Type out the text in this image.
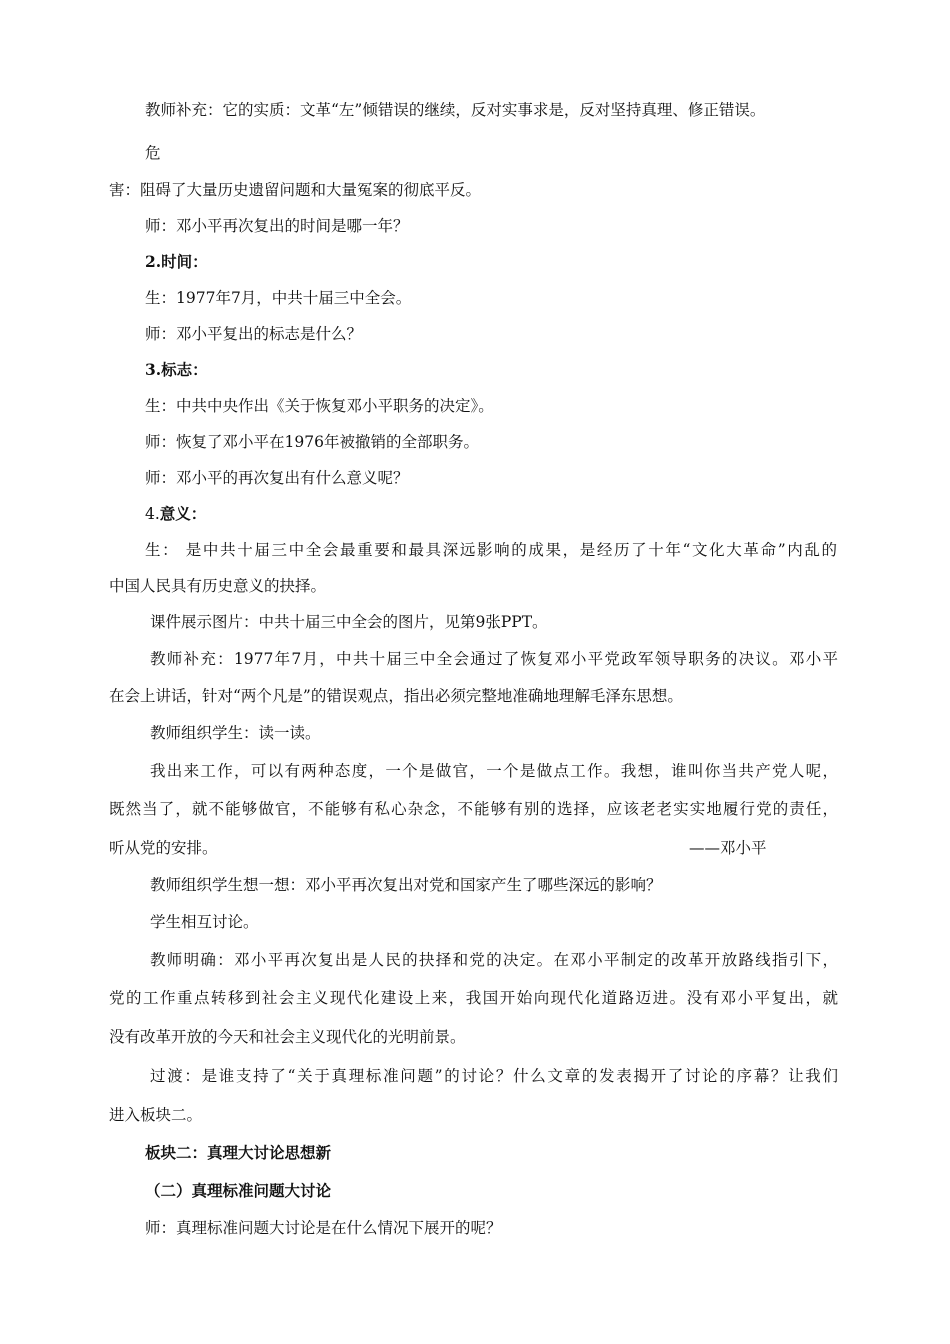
教师补充：它的实质：文革“左”倾错误的继续，反对实事求是，反对坚持真理、修正错误。
危
害：阻碍了大量历史遗留问题和大量冤案的彻底平反。
师：邓小平再次复出的时间是哪一年？
2.时间：
生：1977年7月，中共十届三中全会。
师：邓小平复出的标志是什么？
3.标志：
生：中共中央作出《关于恢复邓小平职务的决定》。
师：恢复了邓小平在1976年被撤销的全部职务。
师：邓小平的再次复出有什么意义呢？
4.意义：
生： 是中共十届三中全会最重要和最具深远影响的成果，是经历了十年“文化大革命”内乱的
中国人民具有历史意义的抉择。
课件展示图片：中共十届三中全会的图片，见第9张PPT。
教师补充：1977年7月，中共十届三中全会通过了恢复邓小平党政军领导职务的决议。邓小平
在会上讲话，针对“两个凡是”的错误观点，指出必须完整地准确地理解毛泽东思想。
教师组织学生：读一读。
我出来工作，可以有两种态度，一个是做官，一个是做点工作。我想，谁叫你当共产党人呢，
既然当了，就不能够做官，不能够有私心杂念，不能够有别的选择，应该老老实实地履行党的责任，
听从党的安排。	——邓小平
教师组织学生想一想：邓小平再次复出对党和国家产生了哪些深远的影响？
学生相互讨论。
教师明确：邓小平再次复出是人民的抉择和党的决定。在邓小平制定的改革开放路线指引下，
党的工作重点转移到社会主义现代化建设上来，我国开始向现代化道路迈进。没有邓小平复出，就
没有改革开放的今天和社会主义现代化的光明前景。
过渡：是谁支持了“关于真理标准问题”的讨论？什么文章的发表揭开了讨论的序幕？让我们
进入板块二。
板块二：真理大讨论思想新
（二）真理标准问题大讨论
师：真理标准问题大讨论是在什么情况下展开的呢？
